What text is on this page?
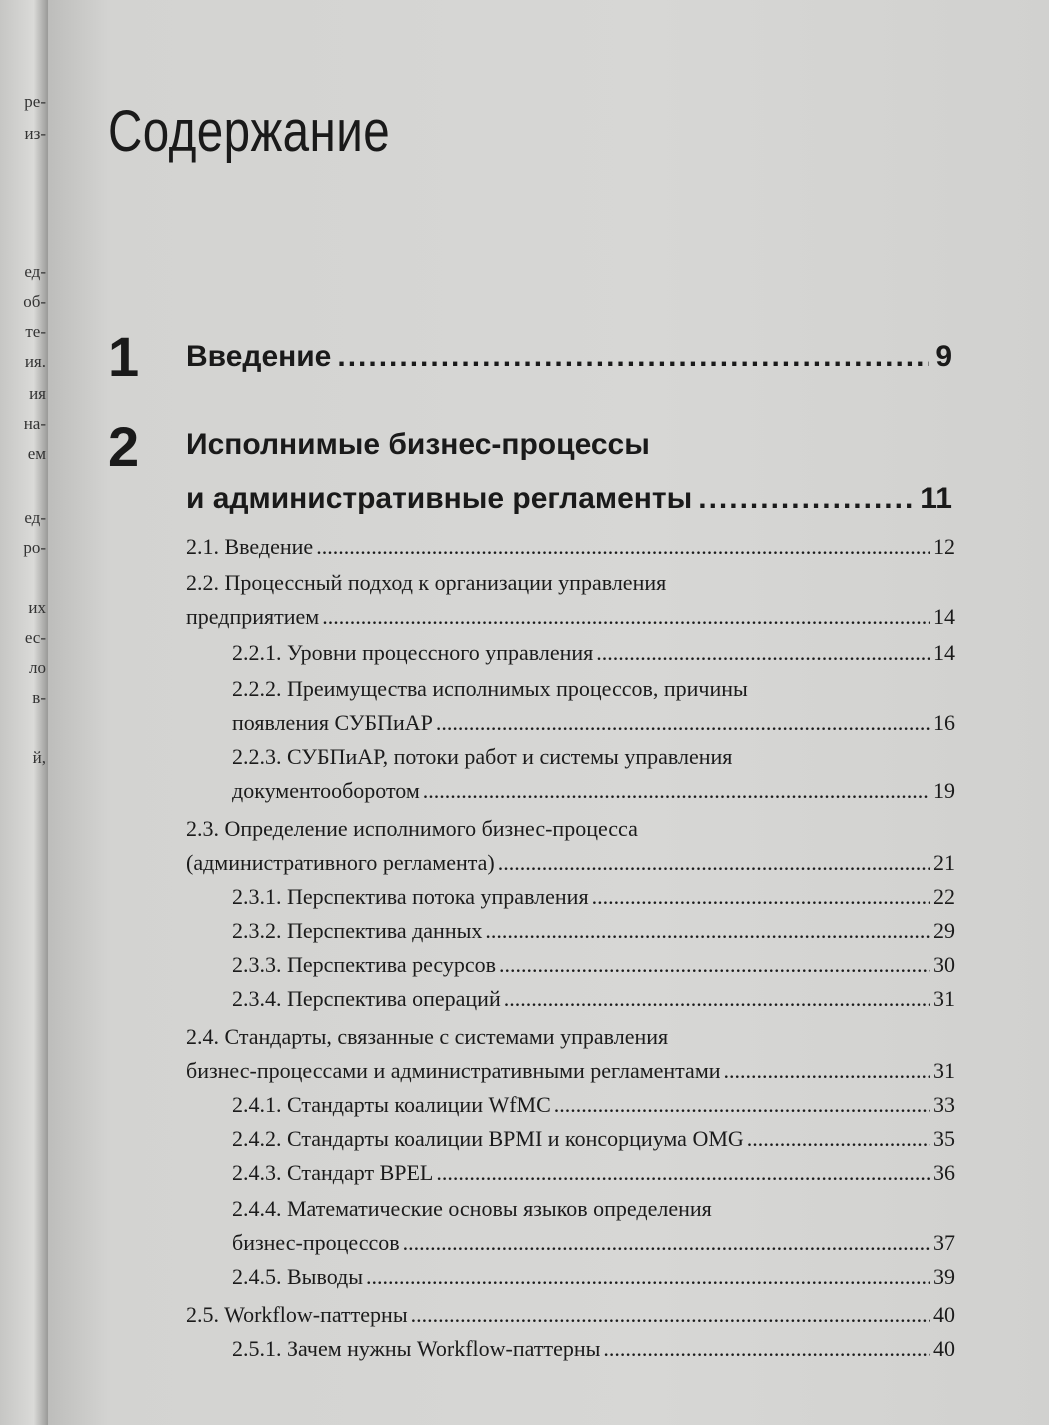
ре-
из-
ед-
об-
те-
ия.
ия
на-
ем
ед-
ро-
их
ес-
ло
в-
й,
Содержание
1 Введение .....	9
2 Исполнимые бизнес-процессы
и административные регламенты .....	11
2.1. Введение .....	12
2.2. Процессный подход к организации управления
предприятием .....	14
2.2.1. Уровни процессного управления .....	14
2.2.2. Преимущества исполнимых процессов, причины
появления СУБПиАР .....	16
2.2.3. СУБПиАР, потоки работ и системы управления
документооборотом .....	19
2.3. Определение исполнимого бизнес-процесса
(административного регламента) .....	21
2.3.1. Перспектива потока управления .....	22
2.3.2. Перспектива данных .....	29
2.3.3. Перспектива ресурсов .....	30
2.3.4. Перспектива операций .....	31
2.4. Стандарты, связанные с системами управления
бизнес-процессами и административными регламентами .....	31
2.4.1. Стандарты коалиции WfMC .....	33
2.4.2. Стандарты коалиции BPMI и консорциума OMG .....	35
2.4.3. Стандарт BPEL .....	36
2.4.4. Математические основы языков определения
бизнес-процессов .....	37
2.4.5. Выводы .....	39
2.5. Workflow-паттерны .....	40
2.5.1. Зачем нужны Workflow-паттерны .....	40
